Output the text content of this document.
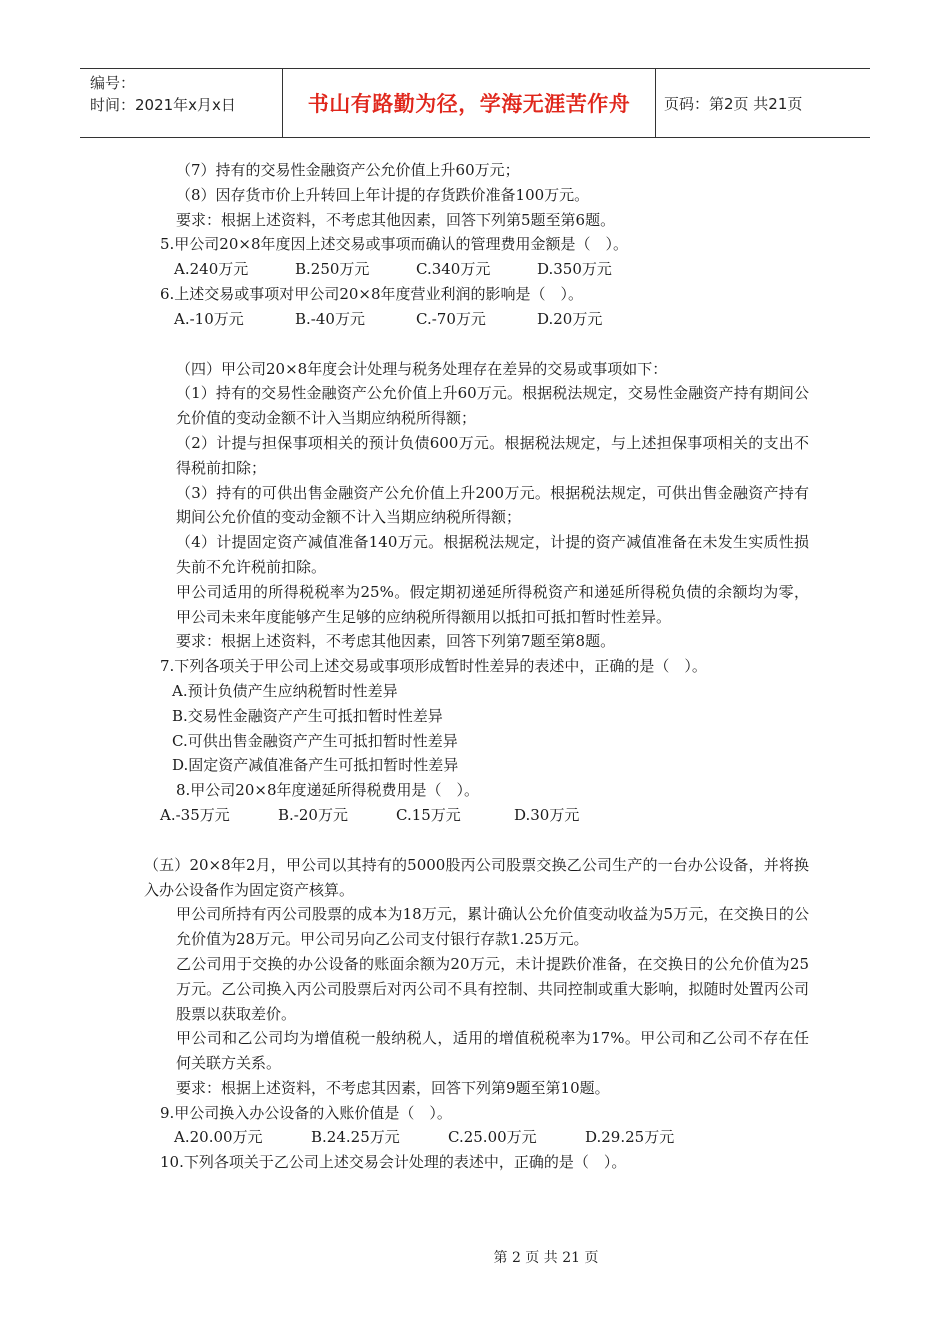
编号：
时间：2021年x月x日	书山有路勤为径，学海无涯苦作舟	页码：第2页 共21页

（7）持有的交易性金融资产公允价值上升60万元；

（8）因存货市价上升转回上年计提的存货跌价准备100万元。

要求：根据上述资料，不考虑其他因素，回答下列第5题至第6题。

5.甲公司20×8年度因上述交易或事项而确认的管理费用金额是（　）。

A.240万元	B.250万元	C.340万元	D.350万元

6.上述交易或事项对甲公司20×8年度营业利润的影响是（　）。

A.-10万元	B.-40万元	C.-70万元	D.20万元

（四）甲公司20×8年度会计处理与税务处理存在差异的交易或事项如下：

（1）持有的交易性金融资产公允价值上升60万元。根据税法规定，交易性金融资产持有期间公允价值的变动金额不计入当期应纳税所得额；

（2）计提与担保事项相关的预计负债600万元。根据税法规定，与上述担保事项相关的支出不得税前扣除；

（3）持有的可供出售金融资产公允价值上升200万元。根据税法规定，可供出售金融资产持有期间公允价值的变动金额不计入当期应纳税所得额；

（4）计提固定资产减值准备140万元。根据税法规定，计提的资产减值准备在未发生实质性损失前不允许税前扣除。

甲公司适用的所得税税率为25%。假定期初递延所得税资产和递延所得税负债的余额均为零，甲公司未来年度能够产生足够的应纳税所得额用以抵扣可抵扣暂时性差异。

要求：根据上述资料，不考虑其他因素，回答下列第7题至第8题。

7.下列各项关于甲公司上述交易或事项形成暂时性差异的表述中，正确的是（　）。

A.预计负债产生应纳税暂时性差异

B.交易性金融资产产生可抵扣暂时性差异

C.可供出售金融资产产生可抵扣暂时性差异

D.固定资产减值准备产生可抵扣暂时性差异

8.甲公司20×8年度递延所得税费用是（　）。

A.-35万元	B.-20万元	C.15万元	D.30万元

（五）20×8年2月，甲公司以其持有的5000股丙公司股票交换乙公司生产的一台办公设备，并将换入办公设备作为固定资产核算。

甲公司所持有丙公司股票的成本为18万元，累计确认公允价值变动收益为5万元，在交换日的公允价值为28万元。甲公司另向乙公司支付银行存款1.25万元。

乙公司用于交换的办公设备的账面余额为20万元，未计提跌价准备，在交换日的公允价值为25万元。乙公司换入丙公司股票后对丙公司不具有控制、共同控制或重大影响，拟随时处置丙公司股票以获取差价。

甲公司和乙公司均为增值税一般纳税人，适用的增值税税率为17%。甲公司和乙公司不存在任何关联方关系。

要求：根据上述资料，不考虑其因素，回答下列第9题至第10题。

9.甲公司换入办公设备的入账价值是（　）。

A.20.00万元	B.24.25万元	C.25.00万元	D.29.25万元

10.下列各项关于乙公司上述交易会计处理的表述中，正确的是（　）。

第 2 页 共 21 页
